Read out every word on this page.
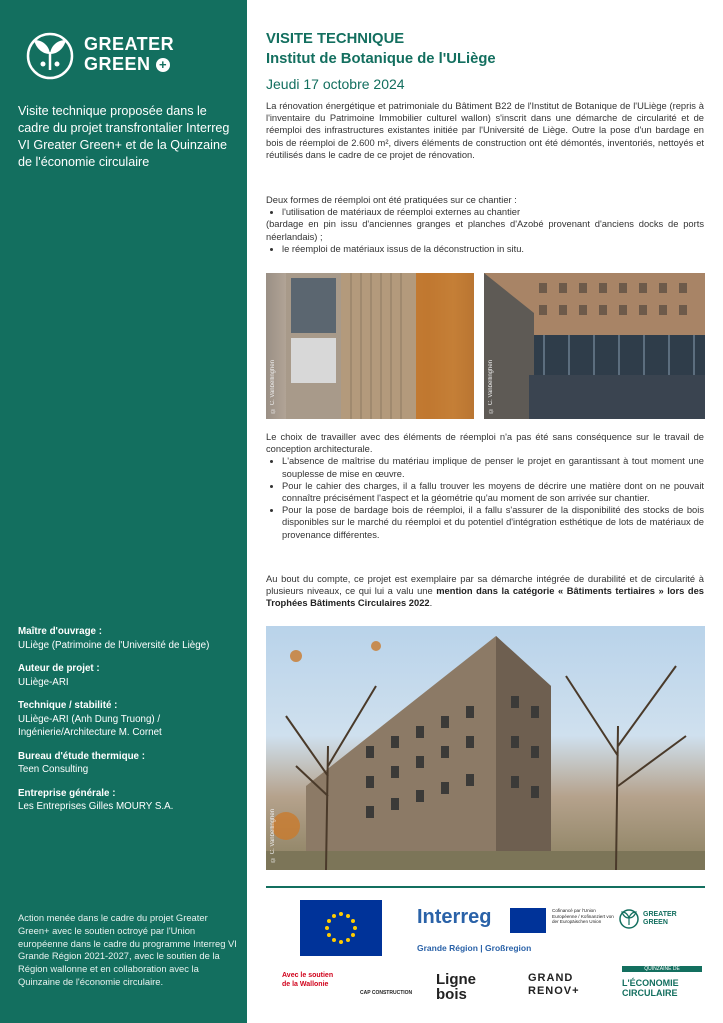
GREATER
GREEN +
Visite technique proposée dans le cadre du projet transfrontalier Interreg VI Greater Green+ et de la Quinzaine de l'économie circulaire
Maître d'ouvrage :
ULiège (Patrimoine de l'Université de Liège)
Auteur de projet :
ULiège-ARI
Technique / stabilité :
ULiège-ARI (Anh Dung Truong) / Ingénierie/Architecture M. Cornet
Bureau d'étude thermique :
Teen Consulting
Entreprise générale :
Les Entreprises Gilles MOURY S.A.
Action menée dans le cadre du projet Greater Green+ avec le soutien octroyé par l'Union européenne dans le cadre du programme Interreg VI Grande Région 2021-2027, avec le soutien de la Région wallonne et en collaboration avec la Quinzaine de l'économie circulaire.
VISITE TECHNIQUE
Institut de Botanique de l'ULiège
Jeudi 17 octobre 2024

La rénovation énergétique et patrimoniale du Bâtiment B22 de l'Institut de Botanique de l'ULiège (repris à l'inventaire du Patrimoine Immobilier culturel wallon) s'inscrit dans une démarche de circularité et de réemploi des infrastructures existantes initiée par l'Université de Liège. Outre la pose d'un bardage en bois de réemploi de 2.600 m², divers éléments de construction ont été démontés, inventoriés, nettoyés et réutilisés dans le cadre de ce projet de rénovation.

Deux formes de réemploi ont été pratiquées sur ce chantier :

• l'utilisation de matériaux de réemploi externes au chantier

(bardage en pin issu d'anciennes granges et planches d'Azobé provenant d'anciens docks de ports néerlandais) ;

• le réemploi de matériaux issus de la déconstruction in situ.
© C. Vanbellinghen	© C. Vanbellinghen

Le choix de travailler avec des éléments de réemploi n'a pas été sans conséquence sur le travail de conception architecturale.

• L'absence de maîtrise du matériau implique de penser le projet en garantissant à tout moment une souplesse de mise en œuvre.
• Pour le cahier des charges, il a fallu trouver les moyens de décrire une matière dont on ne pouvait connaître précisément l'aspect et la géométrie qu'au moment de son arrivée sur chantier.
• Pour la pose de bardage bois de réemploi, il a fallu s'assurer de la disponibilité des stocks de bois disponibles sur le marché du réemploi et du potentiel d'intégration esthétique de lots de matériaux de provenance différentes.

Au bout du compte, ce projet est exemplaire par sa démarche intégrée de durabilité et de circularité à plusieurs niveaux, ce qui lui a valu une mention dans la catégorie « Bâtiments tertiaires » lors des Trophées Bâtiments Circulaires 2022.

© C. Vanbellinghen
Interreg
Grande Région | Großregion
Cofinancé par l'Union Européenne / Kofinanziert von der Europäischen Union
GREATER GREEN
Avec le soutien de la Wallonie
CAP CONSTRUCTION
Ligne bois
GRAND RENOV+
QUINZAINE DE
L'ÉCONOMIE CIRCULAIRE
